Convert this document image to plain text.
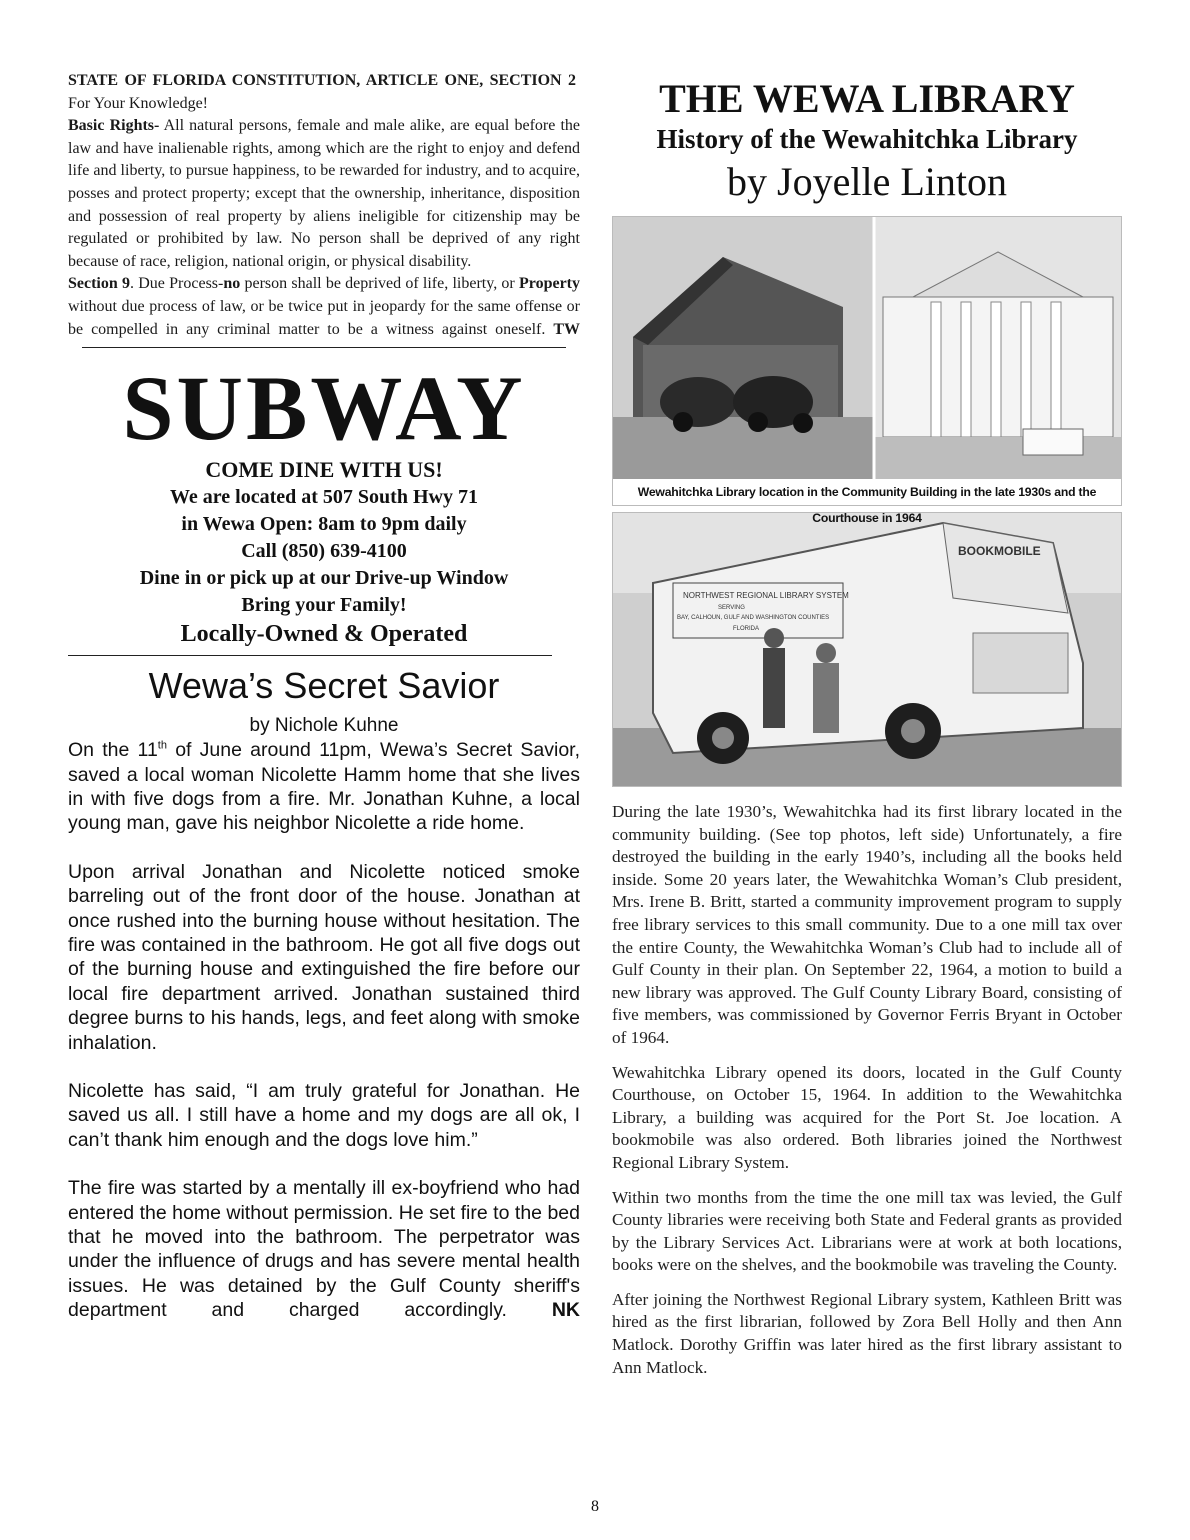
STATE OF FLORIDA CONSTITUTION, ARTICLE ONE, SECTION 2  For Your Knowledge!

Basic Rights- All natural persons, female and male alike, are equal before the law and have inalienable rights, among which are the right to enjoy and defend life and liberty, to pursue happiness, to be rewarded for industry, and to acquire, posses and protect property; except that the ownership, inheritance, disposition and possession of real property by aliens ineligible for citizenship may be regulated or prohibited by law. No person shall be deprived of any right because of race, religion, national origin, or physical disability.

Section 9. Due Process-no person shall be deprived of life, liberty, or Property without due process of law, or be twice put in jeopardy for the same offense or be compelled in any criminal matter to be a witness against oneself. TW

SUBWAY
COME DINE WITH US!
We are located at 507 South Hwy 71
in Wewa Open: 8am to 9pm daily
Call (850) 639-4100
Dine in or pick up at our Drive-up Window
Bring your Family!
Locally-Owned & Operated
Wewa’s Secret Savior
by Nichole Kuhne

On the 11th of June around 11pm, Wewa’s Secret Savior, saved a local woman Nicolette Hamm home that she lives in with five dogs from a fire. Mr. Jonathan Kuhne, a local young man, gave his neighbor Nicolette a ride home.

Upon arrival Jonathan and Nicolette noticed smoke barreling out of the front door of the house. Jonathan at once rushed into the burning house without hesitation. The fire was contained in the bathroom. He got all five dogs out of the burning house and extinguished the fire before our local fire department arrived. Jonathan sustained third degree burns to his hands, legs, and feet along with smoke inhalation.

Nicolette has said, “I am truly grateful for Jonathan. He saved us all. I still have a home and my dogs are all ok, I can’t thank him enough and the dogs love him.”

The fire was started by a mentally ill ex-boyfriend who had entered the home without permission. He set fire to the bed that he moved into the bathroom. The perpetrator was under the influence of drugs and has severe mental health issues. He was detained by the Gulf County sheriff's department and charged accordingly. NK

THE WEWA LIBRARY
History of the Wewahitchka Library
by Joyelle Linton
Wewahitchka Library location in the Community Building in the late 1930s and the Courthouse in 1964
NORTHWEST REGIONAL LIBRARY SYSTEM
SERVING
BAY, CALHOUN, GULF AND WASHINGTON COUNTIES
FLORIDA
BOOKMOBILE

During the late 1930’s, Wewahitchka had its first library located in the community building. (See top photos, left side) Unfortunately, a fire destroyed the building in the early 1940’s, including all the books held inside. Some 20 years later, the Wewahitchka Woman’s Club president, Mrs. Irene B. Britt, started a community improvement program to supply free library services to this small community. Due to a one mill tax over the entire County, the Wewahitchka Woman’s Club had to include all of Gulf County in their plan. On September 22, 1964, a motion to build a new library was approved. The Gulf County Library Board, consisting of five members, was commissioned by Governor Ferris Bryant in October of 1964.

Wewahitchka Library opened its doors, located in the Gulf County Courthouse, on October 15, 1964. In addition to the Wewahitchka Library, a building was acquired for the Port St. Joe location. A bookmobile was also ordered. Both libraries joined the Northwest Regional Library System.

Within two months from the time the one mill tax was levied, the Gulf County libraries were receiving both State and Federal grants as provided by the Library Services Act. Librarians were at work at both locations, books were on the shelves, and the bookmobile was traveling the County.

After joining the Northwest Regional Library system, Kathleen Britt was hired as the first librarian, followed by Zora Bell Holly and then Ann Matlock. Dorothy Griffin was later hired as the first library assistant to Ann Matlock.

8
